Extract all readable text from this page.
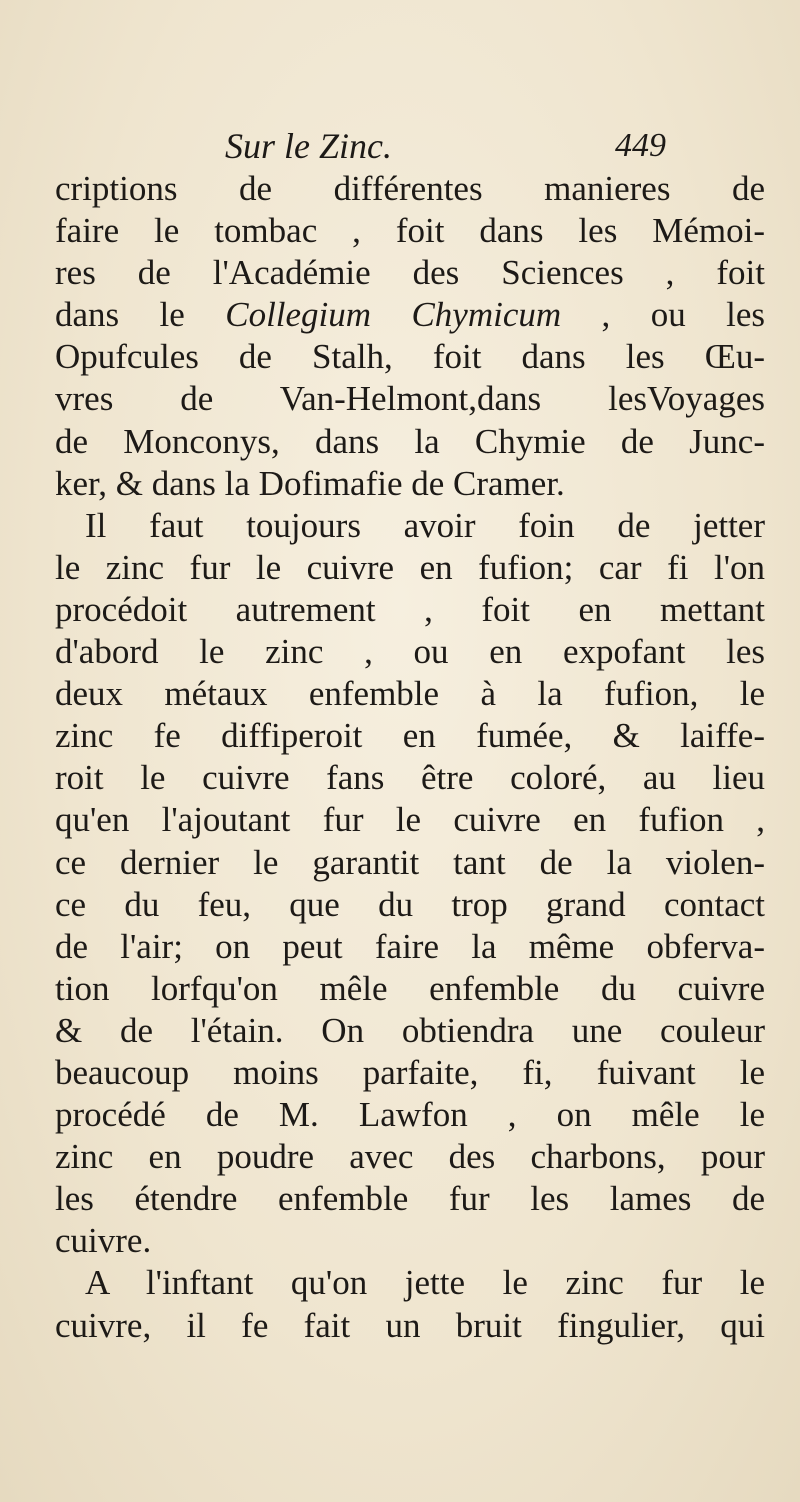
Sur le Zinc.	449
criptions de différentes manieres de
faire le tombac , foit dans les Mémoi-
res de l'Académie des Sciences , foit
dans le Collegium Chymicum , ou les
Opufcules de Stalh, foit dans les Œu-
vres de Van-Helmont,dans lesVoyages
de Monconys, dans la Chymie de Junc-
ker, & dans la Dofimafie de Cramer.
Il faut toujours avoir foin de jetter
le zinc fur le cuivre en fufion; car fi l'on
procédoit autrement , foit en mettant
d'abord le zinc , ou en expofant les
deux métaux enfemble à la fufion, le
zinc fe diffiperoit en fumée, & laiffe-
roit le cuivre fans être coloré, au lieu
qu'en l'ajoutant fur le cuivre en fufion ,
ce dernier le garantit tant de la violen-
ce du feu, que du trop grand contact
de l'air; on peut faire la même obferva-
tion lorfqu'on mêle enfemble du cuivre
& de l'étain. On obtiendra une couleur
beaucoup moins parfaite, fi, fuivant le
procédé de M. Lawfon , on mêle le
zinc en poudre avec des charbons, pour
les étendre enfemble fur les lames de
cuivre.
A l'inftant qu'on jette le zinc fur le
cuivre, il fe fait un bruit fingulier, qui
